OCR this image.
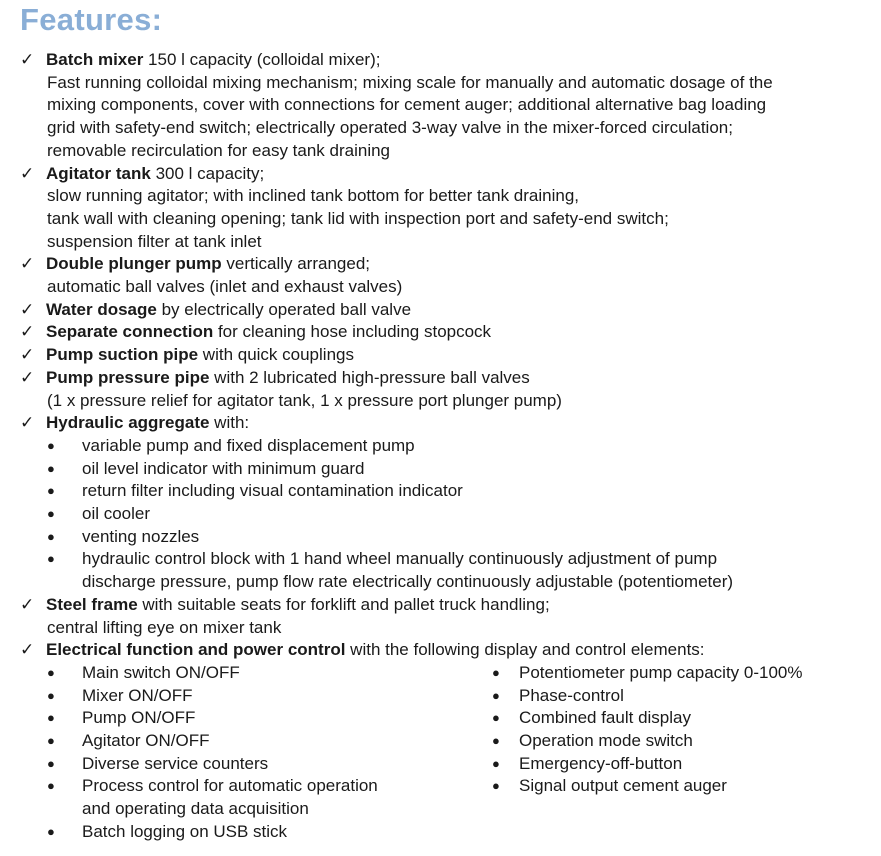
Features:
✓ Batch mixer 150 l capacity (colloidal mixer);
Fast running colloidal mixing mechanism; mixing scale for manually and automatic dosage of the
mixing components, cover with connections for cement auger; additional alternative bag loading
grid with safety-end switch; electrically operated 3-way valve in the mixer-forced circulation;
removable recirculation for easy tank draining
✓ Agitator tank 300 l capacity;
slow running agitator; with inclined tank bottom for better tank draining,
tank wall with cleaning opening; tank lid with inspection port and safety-end switch;
suspension filter at tank inlet
✓ Double plunger pump vertically arranged;
automatic ball valves (inlet and exhaust valves)
✓ Water dosage by electrically operated ball valve
✓ Separate connection for cleaning hose including stopcock
✓ Pump suction pipe with quick couplings
✓ Pump pressure pipe with 2 lubricated high-pressure ball valves
(1 x pressure relief for agitator tank, 1 x pressure port plunger pump)
✓ Hydraulic aggregate with:
● variable pump and fixed displacement pump
● oil level indicator with minimum guard
● return filter including visual contamination indicator
● oil cooler
● venting nozzles
● hydraulic control block with 1 hand wheel manually continuously adjustment of pump
discharge pressure, pump flow rate electrically continuously adjustable (potentiometer)
✓ Steel frame with suitable seats for forklift and pallet truck handling;
central lifting eye on mixer tank
✓ Electrical function and power control with the following display and control elements:
● Main switch ON/OFF
● Mixer ON/OFF
● Pump ON/OFF
● Agitator ON/OFF
● Diverse service counters
● Process control for automatic operation
and operating data acquisition
● Batch logging on USB stick
● Potentiometer pump capacity 0-100%
● Phase-control
● Combined fault display
● Operation mode switch
● Emergency-off-button
● Signal output cement auger
